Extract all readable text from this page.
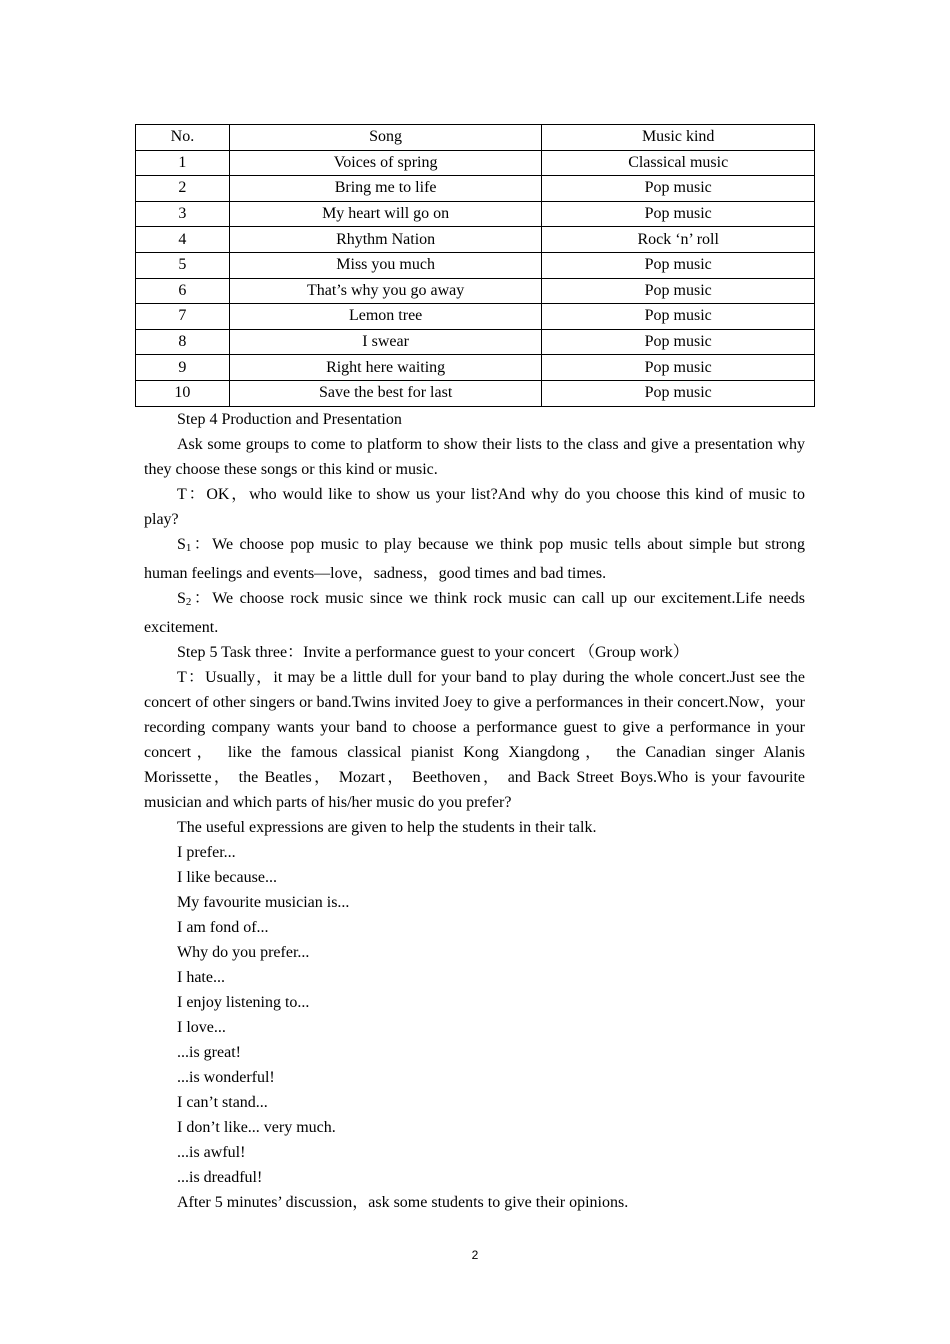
No.	Song	Music kind
1	Voices of spring	Classical music
2	Bring me to life	Pop music
3	My heart will go on	Pop music
4	Rhythm Nation	Rock ‘n’ roll
5	Miss you much	Pop music
6	That’s why you go away	Pop music
7	Lemon tree	Pop music
8	I swear	Pop music
9	Right here waiting	Pop music
10	Save the best for last	Pop music

Step 4 Production and Presentation

Ask some groups to come to platform to show their lists to the class and give a presentation why they choose these songs or this kind or music.

T：OK，who would like to show us your list?And why do you choose this kind of music to play?

S1：We choose pop music to play because we think pop music tells about simple but strong human feelings and events—love，sadness，good times and bad times.

S2：We choose rock music since we think rock music can call up our excitement.Life needs excitement.

Step 5 Task three：Invite a performance guest to your concert （Group work）

T：Usually，it may be a little dull for your band to play during the whole concert.Just see the concert of other singers or band.Twins invited Joey to give a performances in their concert.Now，your recording company wants your band to choose a performance guest to give a performance in your concert， like the famous classical pianist Kong Xiangdong， the Canadian singer Alanis Morissette， the Beatles， Mozart， Beethoven， and Back Street Boys.Who is your favourite musician and which parts of his/her music do you prefer?

The useful expressions are given to help the students in their talk.

I prefer...

I like because...

My favourite musician is...

I am fond of...

Why do you prefer...

I hate...

I enjoy listening to...

I love...

...is great!

...is wonderful!

I can’t stand...

I don’t like... very much.

...is awful!

...is dreadful!

After 5 minutes’ discussion，ask some students to give their opinions.

2
